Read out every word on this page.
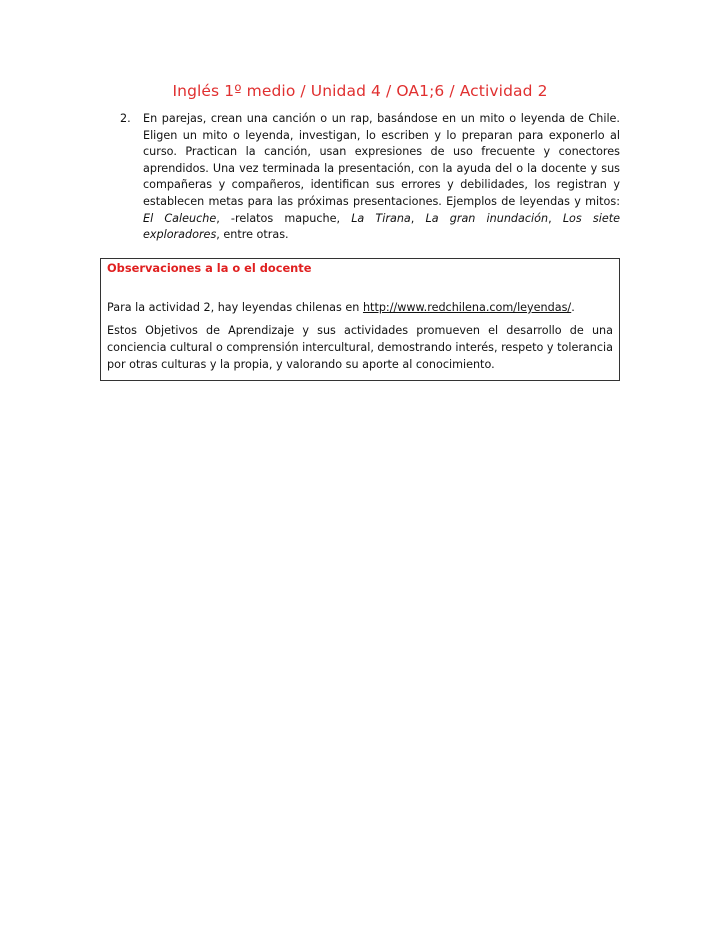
Inglés 1º medio / Unidad 4 / OA1;6 / Actividad 2
2.	En parejas, crean una canción o un rap, basándose en un mito o leyenda de Chile. Eligen un mito o leyenda, investigan, lo escriben y lo preparan para exponerlo al curso. Practican la canción, usan expresiones de uso frecuente y conectores aprendidos. Una vez terminada la presentación, con la ayuda del o la docente y sus compañeras y compañeros, identifican sus errores y debilidades, los registran y establecen metas para las próximas presentaciones. Ejemplos de leyendas y mitos: El Caleuche, -relatos mapuche, La Tirana, La gran inundación, Los siete exploradores, entre otras.
Observaciones a la o el docente

Para la actividad 2, hay leyendas chilenas en http://www.redchilena.com/leyendas/.

Estos Objetivos de Aprendizaje y sus actividades promueven el desarrollo de una conciencia cultural o comprensión intercultural, demostrando interés, respeto y tolerancia por otras culturas y la propia, y valorando su aporte al conocimiento.
